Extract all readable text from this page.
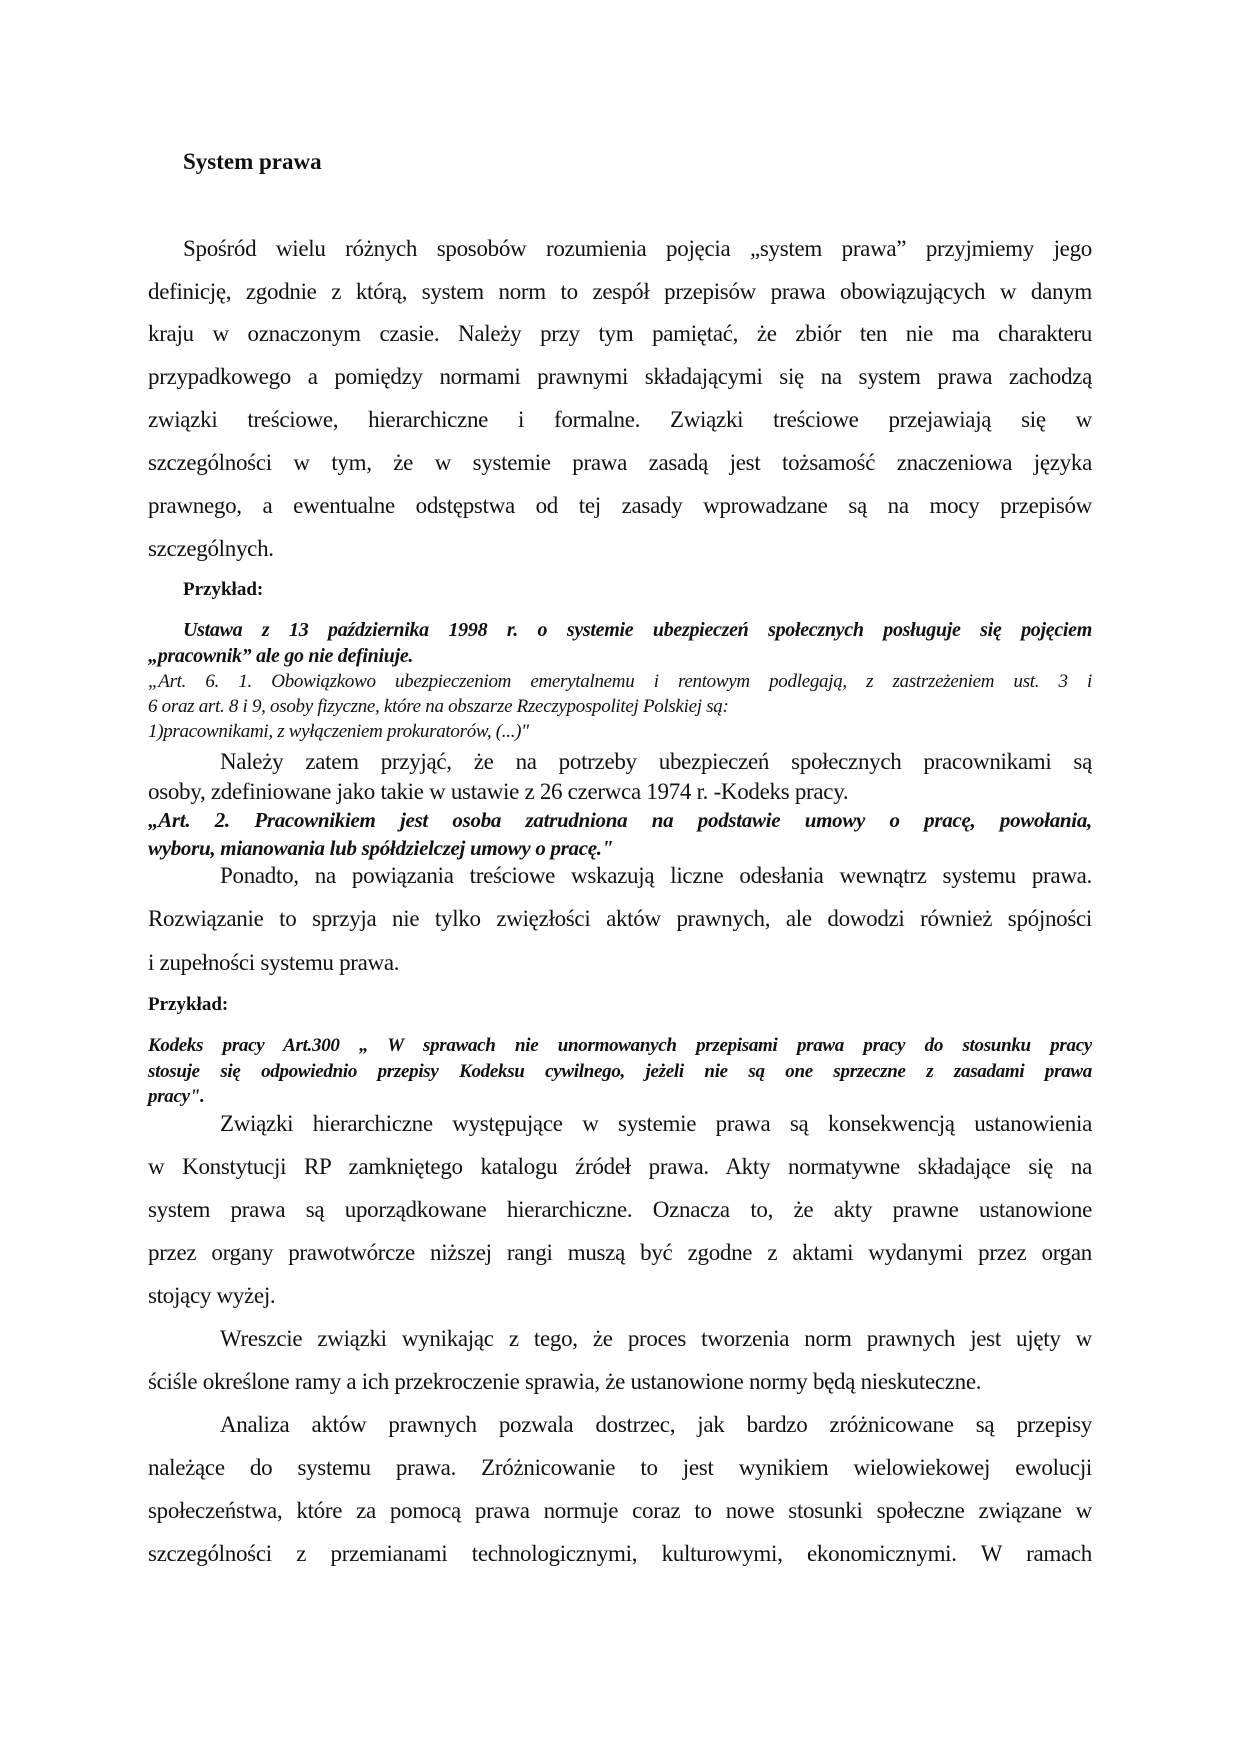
System prawa
Spośród wielu różnych sposobów rozumienia pojęcia „system prawa” przyjmiemy jego
definicję, zgodnie z którą, system norm to zespół przepisów prawa obowiązujących w danym
kraju w oznaczonym czasie. Należy przy tym pamiętać, że zbiór ten nie ma charakteru
przypadkowego a pomiędzy normami prawnymi składającymi się na system prawa zachodzą
związki treściowe, hierarchiczne i formalne. Związki treściowe przejawiają się w
szczególności w tym, że w systemie prawa zasadą jest tożsamość znaczeniowa języka
prawnego, a ewentualne odstępstwa od tej zasady wprowadzane są na mocy przepisów
szczególnych.
Przykład:
Ustawa z 13 października 1998 r. o systemie ubezpieczeń społecznych posługuje się pojęciem
„pracownik” ale go nie definiuje.
„Art. 6. 1. Obowiązkowo ubezpieczeniom emerytalnemu i rentowym podlegają, z zastrzeżeniem ust. 3 i
6 oraz art. 8 i 9, osoby fizyczne, które na obszarze Rzeczypospolitej Polskiej są:
1)pracownikami, z wyłączeniem prokuratorów, (...)"
Należy zatem przyjąć, że na potrzeby ubezpieczeń społecznych pracownikami są
osoby, zdefiniowane jako takie w ustawie z 26 czerwca 1974 r. -Kodeks pracy.
„Art. 2. Pracownikiem jest osoba zatrudniona na podstawie umowy o pracę, powołania,
wyboru, mianowania lub spółdzielczej umowy o pracę."
Ponadto, na powiązania treściowe wskazują liczne odesłania wewnątrz systemu prawa.
Rozwiązanie to sprzyja nie tylko zwięzłości aktów prawnych, ale dowodzi również spójności
i zupełności systemu prawa.
Przykład:
Kodeks pracy Art.300 „ W sprawach nie unormowanych przepisami prawa pracy do stosunku pracy
stosuje się odpowiednio przepisy Kodeksu cywilnego, jeżeli nie są one sprzeczne z zasadami prawa
pracy".
Związki hierarchiczne występujące w systemie prawa są konsekwencją ustanowienia
w Konstytucji RP zamkniętego katalogu źródeł prawa. Akty normatywne składające się na
system prawa są uporządkowane hierarchiczne. Oznacza to, że akty prawne ustanowione
przez organy prawotwórcze niższej rangi muszą być zgodne z aktami wydanymi przez organ
stojący wyżej.
Wreszcie związki wynikając z tego, że proces tworzenia norm prawnych jest ujęty w
ściśle określone ramy a ich przekroczenie sprawia, że ustanowione normy będą nieskuteczne.
Analiza aktów prawnych pozwala dostrzec, jak bardzo zróżnicowane są przepisy
należące do systemu prawa. Zróżnicowanie to jest wynikiem wielowiekowej ewolucji
społeczeństwa, które za pomocą prawa normuje coraz to nowe stosunki społeczne związane w
szczególności z przemianami technologicznymi, kulturowymi, ekonomicznymi. W ramach
